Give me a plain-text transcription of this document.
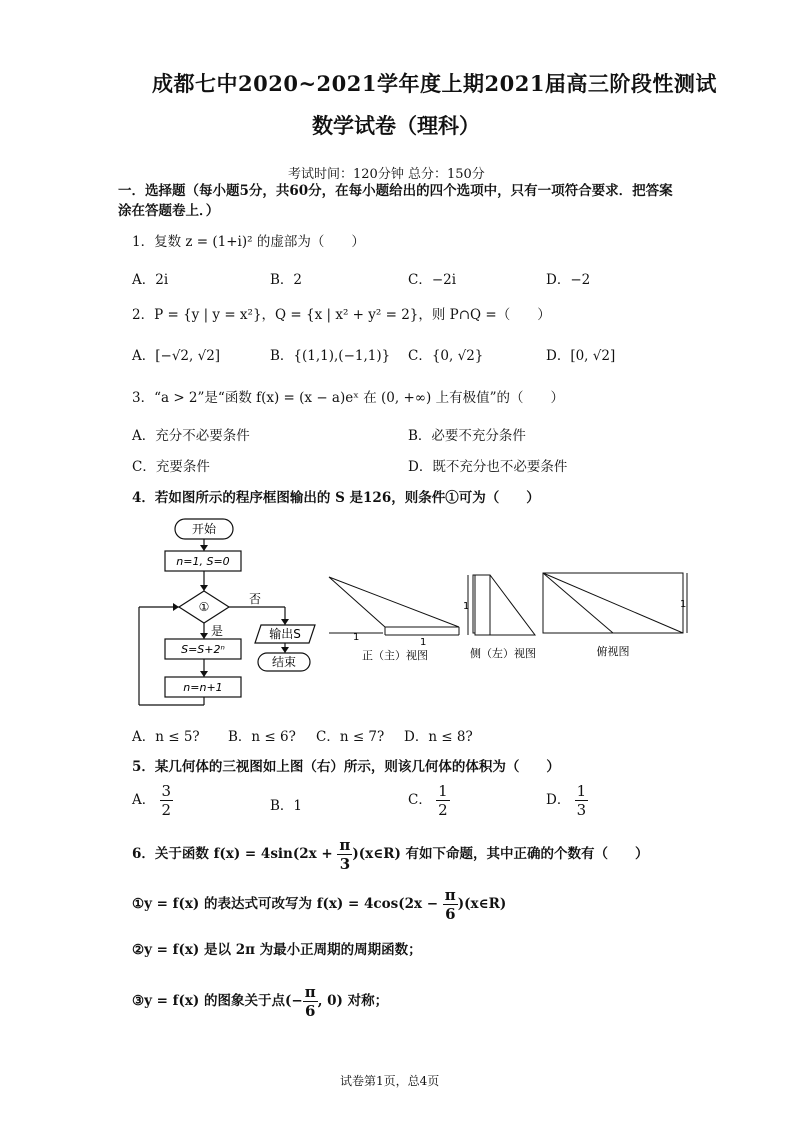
成都七中2020~2021学年度上期2021届高三阶段性测试
数学试卷（理科）
考试时间：120分钟 总分：150分
一．选择题（每小题5分，共60分，在每小题给出的四个选项中，只有一项符合要求．把答案涂在答题卷上．）
1．复数 z = (1+i)² 的虚部为（　　）
A．2i	B．2	C．−2i	D．−2
2．P = {y | y = x²}，Q = {x | x² + y² = 2}，则 P∩Q =（　　）
A．[−√2, √2]	B．{(1,1),(−1,1)} C．{0, √2}	D．[0, √2]
3．“a > 2”是“函数 f(x) = (x − a)eˣ 在 (0, +∞) 上有极值”的（　　）
A．充分不必要条件	B．必要不充分条件
C．充要条件	D．既不充分也不必要条件
4．若如图所示的程序框图输出的 S 是126，则条件①可为（　　）
开始
n=1, S=0
①
否
是	输出S
结束
S=S+2ⁿ
n=n+1
1	1
1	1
正（主）视图	侧（左）视图	俯视图
A．n ≤ 5? B．n ≤ 6? C．n ≤ 7? D．n ≤ 8?
5．某几何体的三视图如上图（右）所示，则该几何体的体积为（　　）
A． $\frac{3}{2}$	B．1	C． $\frac{1}{2}$	D． $\frac{1}{3}$
6．关于函数 $f(x) = 4\sin(2x + \frac{\pi}{3}$ )(x∈R) 有如下命题，其中正确的个数有（　　）
①y = f(x) 的表达式可改写为 $f(x) = 4\cos(2x - \frac{\pi}{6}$ )(x∈R)
②y = f(x) 是以 2π 为最小正周期的周期函数；
③y = f(x) 的图象关于点(− $\frac{\pi}{6}$ , 0) 对称；
试卷第1页，总4页
